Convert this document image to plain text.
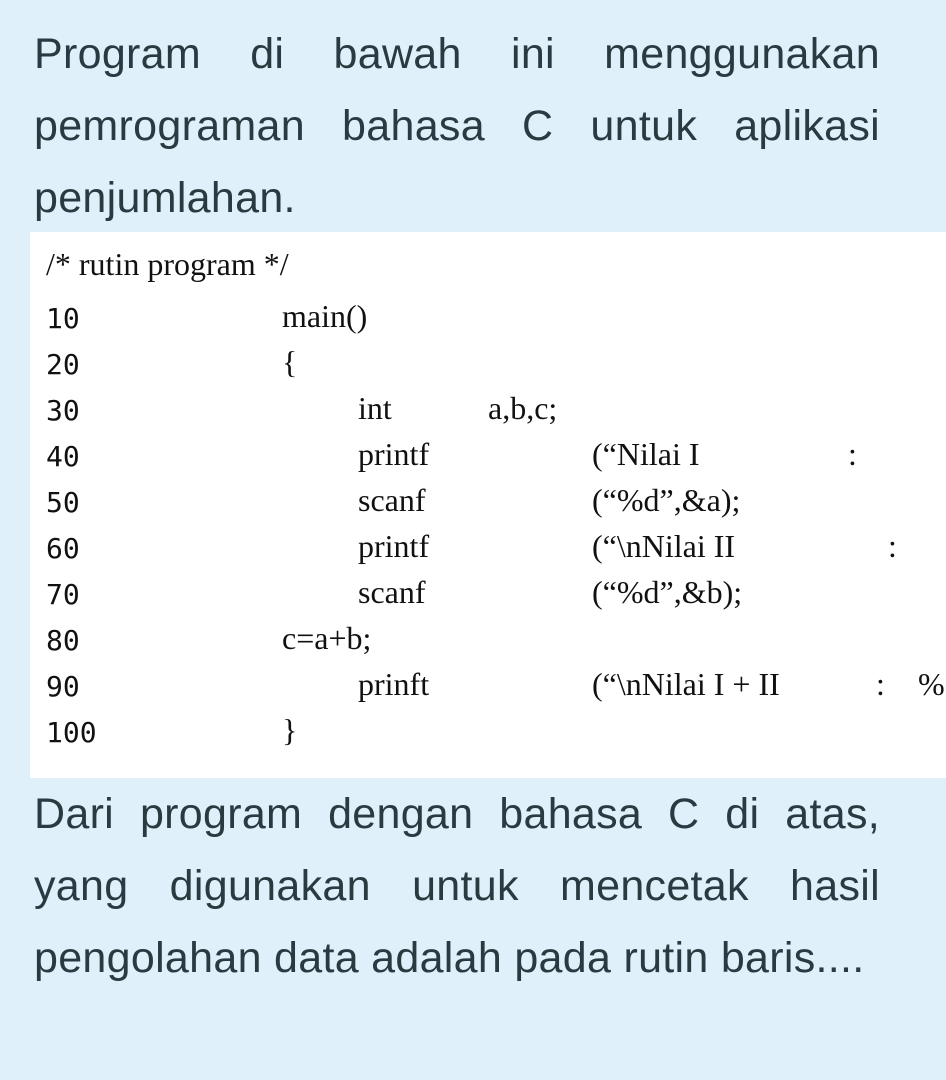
Program di bawah ini menggunakan pemrograman bahasa C untuk aplikasi penjumlahan.

/* rutin program */
10	main()
20	{
30	int	a,b,c;
40	printf	(“Nilai I	:
50	scanf	(“%d”,&a);
60	printf	(“\nNilai II	:
70	scanf	(“%d”,&b);
80	c=a+b;
90	prinft	(“\nNilai I + II	: %
100	}

Dari program dengan bahasa C di atas, yang digunakan untuk mencetak hasil pengolahan data adalah pada rutin baris....
